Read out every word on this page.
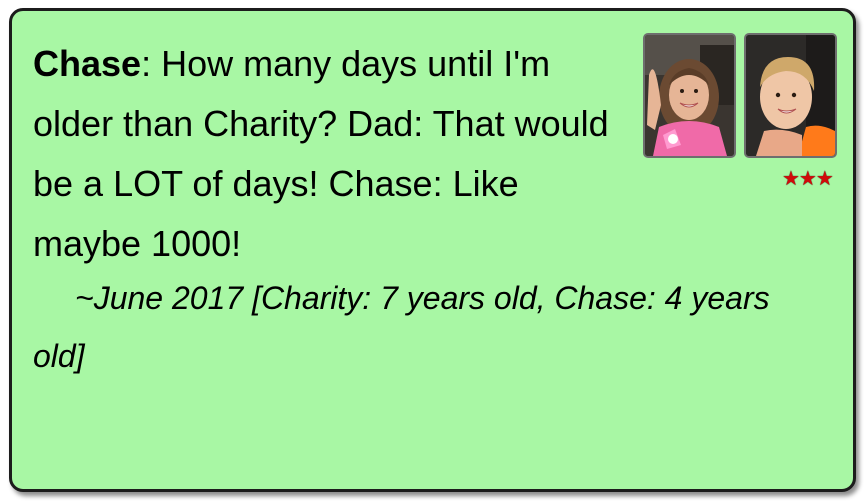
Chase: How many days until I'm older than Charity? Dad: That would be a LOT of days! Chase: Like maybe 1000!

~June 2017 [Charity: 7 years old, Chase: 4 years old]

★★★
